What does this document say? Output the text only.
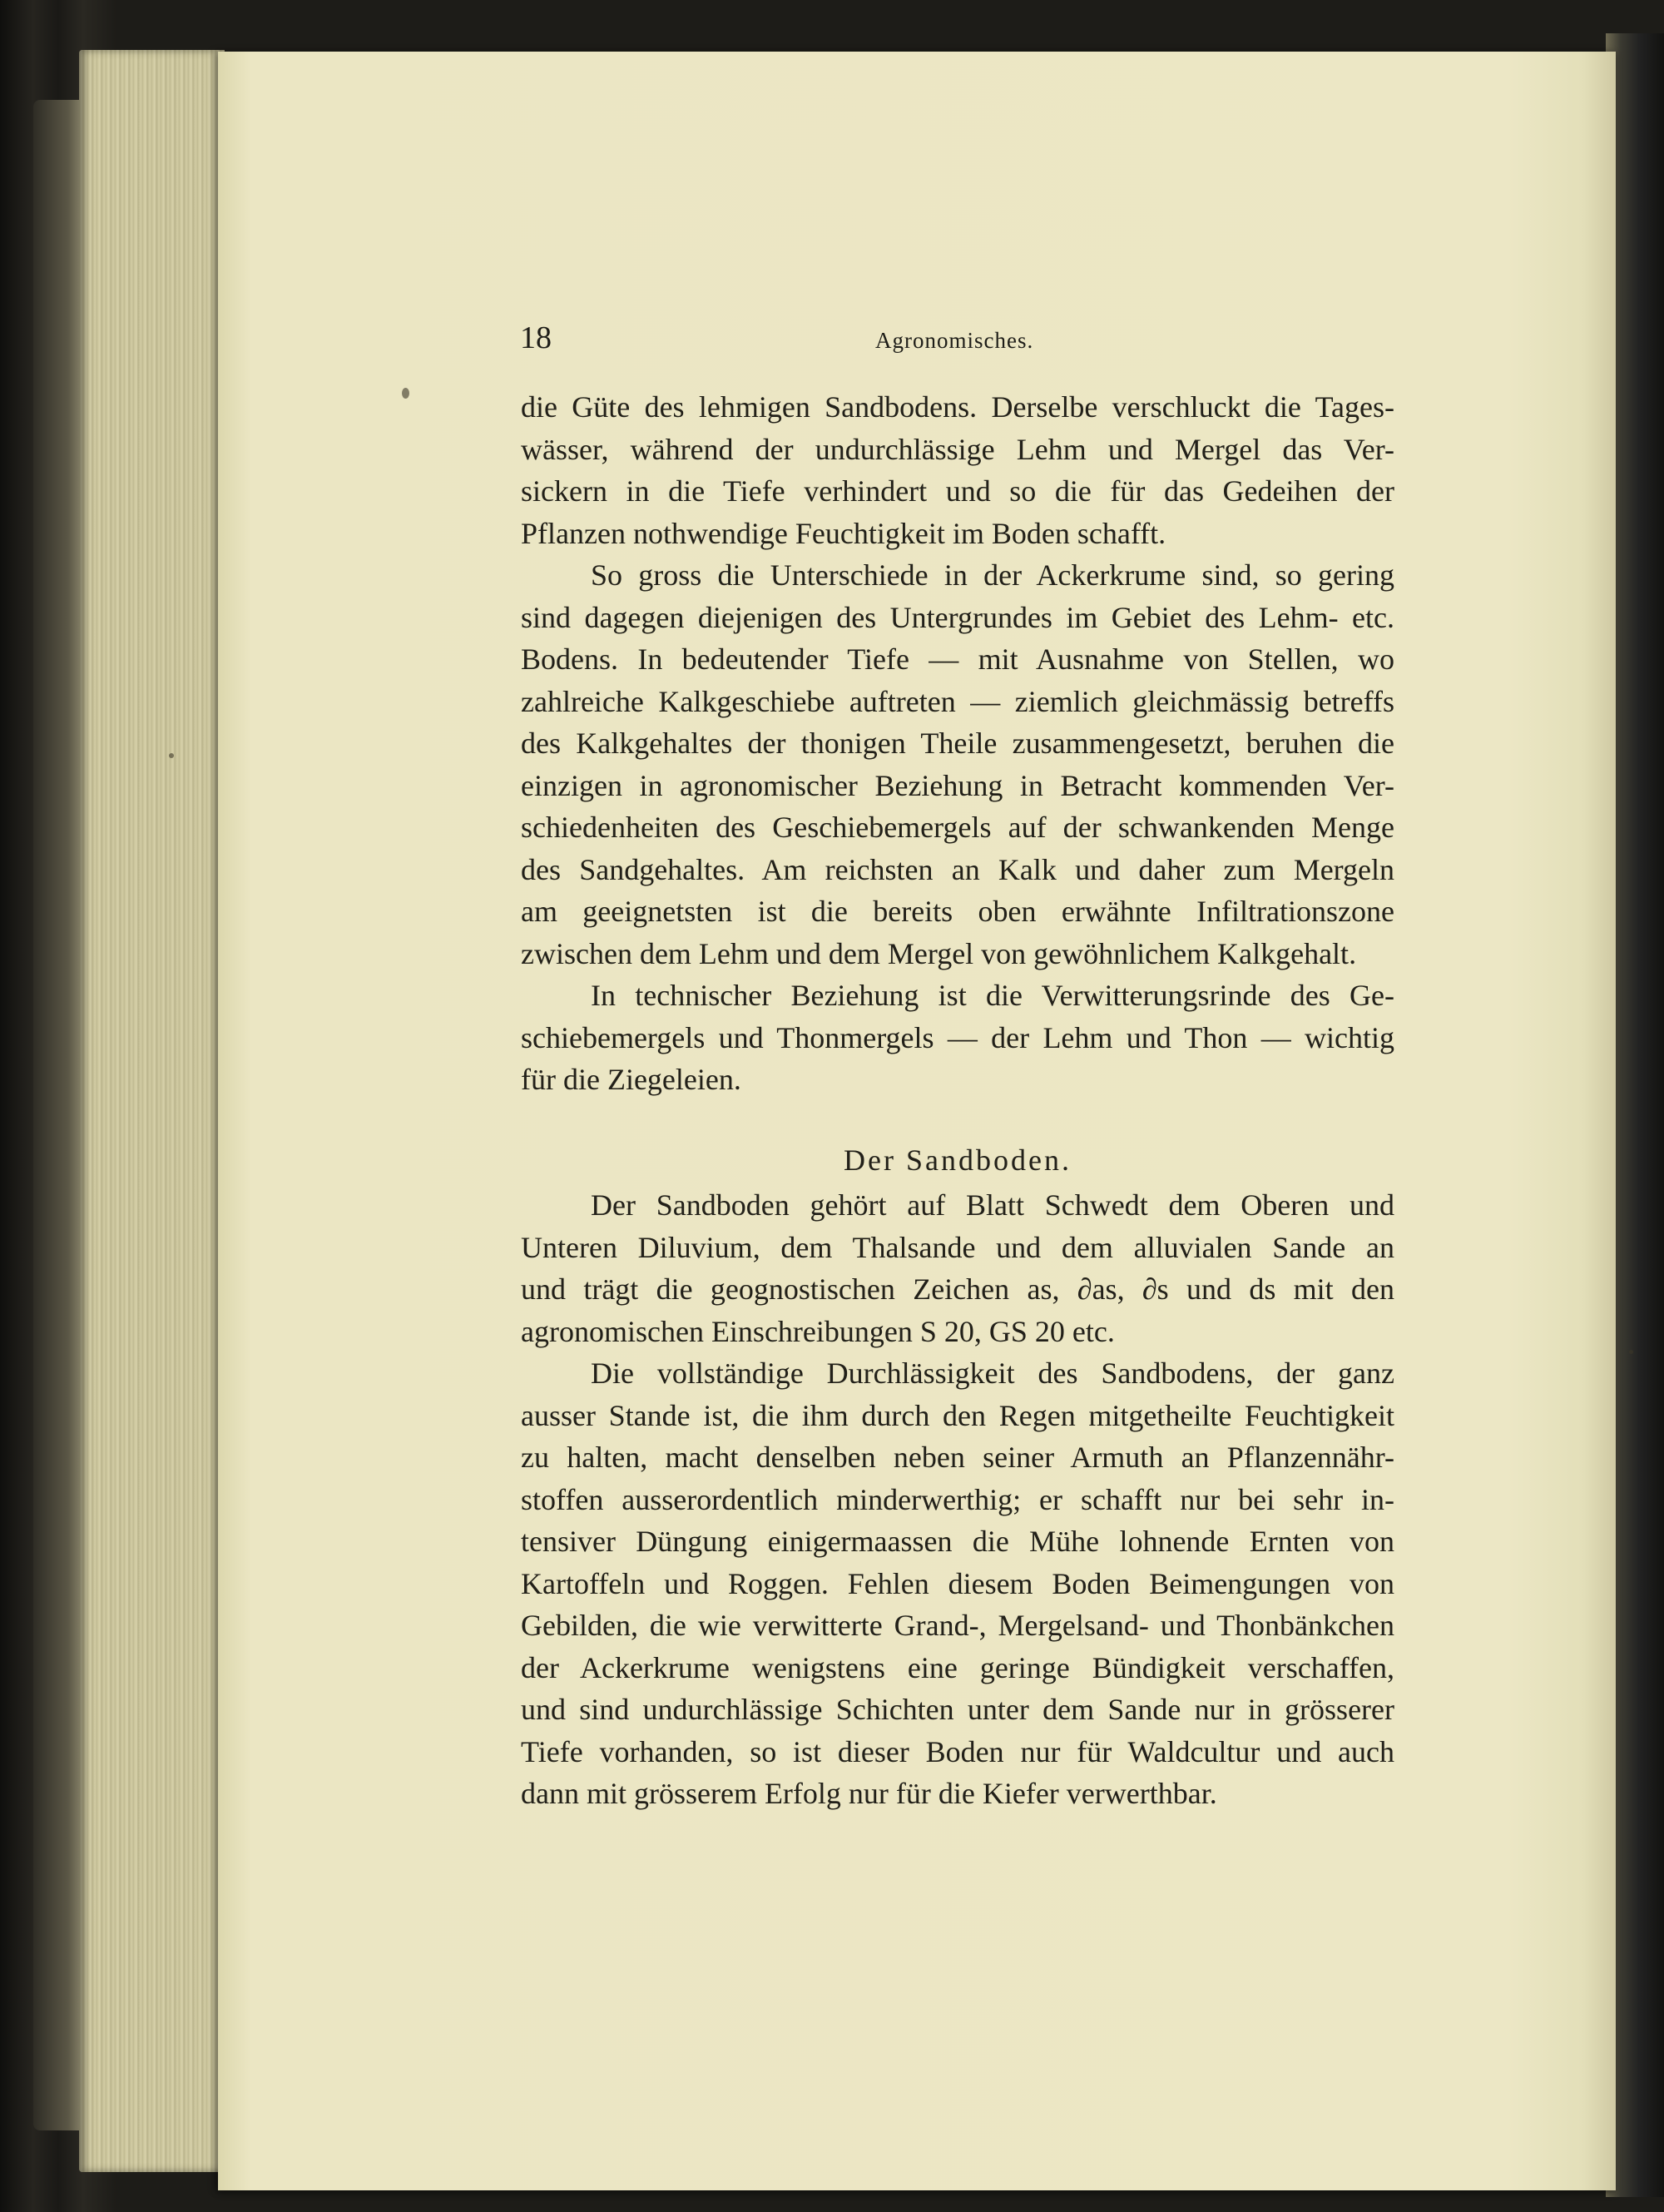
18	Agronomisches.
die Güte des lehmigen Sandbodens. Derselbe verschluckt die Tages-
wässer, während der undurchlässige Lehm und Mergel das Ver-
sickern in die Tiefe verhindert und so die für das Gedeihen der
Pflanzen nothwendige Feuchtigkeit im Boden schafft.
So gross die Unterschiede in der Ackerkrume sind, so gering
sind dagegen diejenigen des Untergrundes im Gebiet des Lehm- etc.
Bodens. In bedeutender Tiefe — mit Ausnahme von Stellen, wo
zahlreiche Kalkgeschiebe auftreten — ziemlich gleichmässig betreffs
des Kalkgehaltes der thonigen Theile zusammengesetzt, beruhen die
einzigen in agronomischer Beziehung in Betracht kommenden Ver-
schiedenheiten des Geschiebemergels auf der schwankenden Menge
des Sandgehaltes. Am reichsten an Kalk und daher zum Mergeln
am geeignetsten ist die bereits oben erwähnte Infiltrationszone
zwischen dem Lehm und dem Mergel von gewöhnlichem Kalkgehalt.
In technischer Beziehung ist die Verwitterungsrinde des Ge-
schiebemergels und Thonmergels — der Lehm und Thon — wichtig
für die Ziegeleien.
Der Sandboden.
Der Sandboden gehört auf Blatt Schwedt dem Oberen und
Unteren Diluvium, dem Thalsande und dem alluvialen Sande an
und trägt die geognostischen Zeichen as, ∂as, ∂s und ds mit den
agronomischen Einschreibungen S 20, GS 20 etc.
Die vollständige Durchlässigkeit des Sandbodens, der ganz
ausser Stande ist, die ihm durch den Regen mitgetheilte Feuchtigkeit
zu halten, macht denselben neben seiner Armuth an Pflanzennähr-
stoffen ausserordentlich minderwerthig; er schafft nur bei sehr in-
tensiver Düngung einigermaassen die Mühe lohnende Ernten von
Kartoffeln und Roggen. Fehlen diesem Boden Beimengungen von
Gebilden, die wie verwitterte Grand-, Mergelsand- und Thonbänkchen
der Ackerkrume wenigstens eine geringe Bündigkeit verschaffen,
und sind undurchlässige Schichten unter dem Sande nur in grösserer
Tiefe vorhanden, so ist dieser Boden nur für Waldcultur und auch
dann mit grösserem Erfolg nur für die Kiefer verwerthbar.
